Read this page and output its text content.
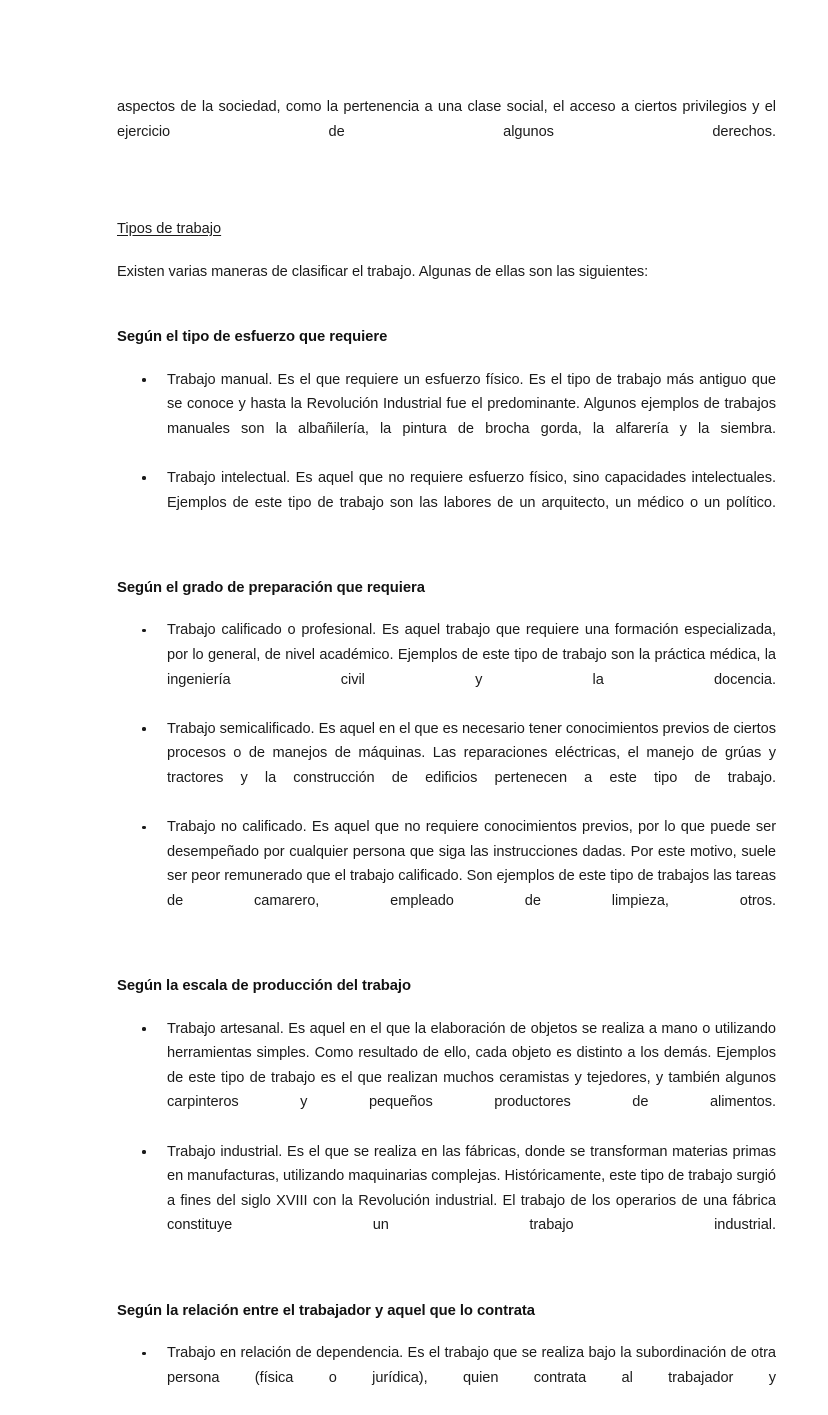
aspectos de la sociedad, como la pertenencia a una clase social, el acceso a ciertos privilegios y el ejercicio de algunos derechos.

Tipos de trabajo

Existen varias maneras de clasificar el trabajo. Algunas de ellas son las siguientes:

Según el tipo de esfuerzo que requiere
Trabajo manual. Es el que requiere un esfuerzo físico. Es el tipo de trabajo más antiguo que se conoce y hasta la Revolución Industrial fue el predominante. Algunos ejemplos de trabajos manuales son la albañilería, la pintura de brocha gorda, la alfarería y la siembra.
Trabajo intelectual. Es aquel que no requiere esfuerzo físico, sino capacidades intelectuales. Ejemplos de este tipo de trabajo son las labores de un arquitecto, un médico o un político.
Según el grado de preparación que requiera
Trabajo calificado o profesional. Es aquel trabajo que requiere una formación especializada, por lo general, de nivel académico. Ejemplos de este tipo de trabajo son la práctica médica, la ingeniería civil y la docencia.
Trabajo semicalificado. Es aquel en el que es necesario tener conocimientos previos de ciertos procesos o de manejos de máquinas. Las reparaciones eléctricas, el manejo de grúas y tractores y la construcción de edificios pertenecen a este tipo de trabajo.
Trabajo no calificado. Es aquel que no requiere conocimientos previos, por lo que puede ser desempeñado por cualquier persona que siga las instrucciones dadas. Por este motivo, suele ser peor remunerado que el trabajo calificado. Son ejemplos de este tipo de trabajos las tareas de camarero, empleado de limpieza, otros.
Según la escala de producción del trabajo
Trabajo artesanal. Es aquel en el que la elaboración de objetos se realiza a mano o utilizando herramientas simples. Como resultado de ello, cada objeto es distinto a los demás. Ejemplos de este tipo de trabajo es el que realizan muchos ceramistas y tejedores, y también algunos carpinteros y pequeños productores de alimentos.
Trabajo industrial. Es el que se realiza en las fábricas, donde se transforman materias primas en manufacturas, utilizando maquinarias complejas. Históricamente, este tipo de trabajo surgió a fines del siglo XVIII con la Revolución industrial. El trabajo de los operarios de una fábrica constituye un trabajo industrial.
Según la relación entre el trabajador y aquel que lo contrata
Trabajo en relación de dependencia. Es el trabajo que se realiza bajo la subordinación de otra persona (física o jurídica), quien contrata al trabajador y
